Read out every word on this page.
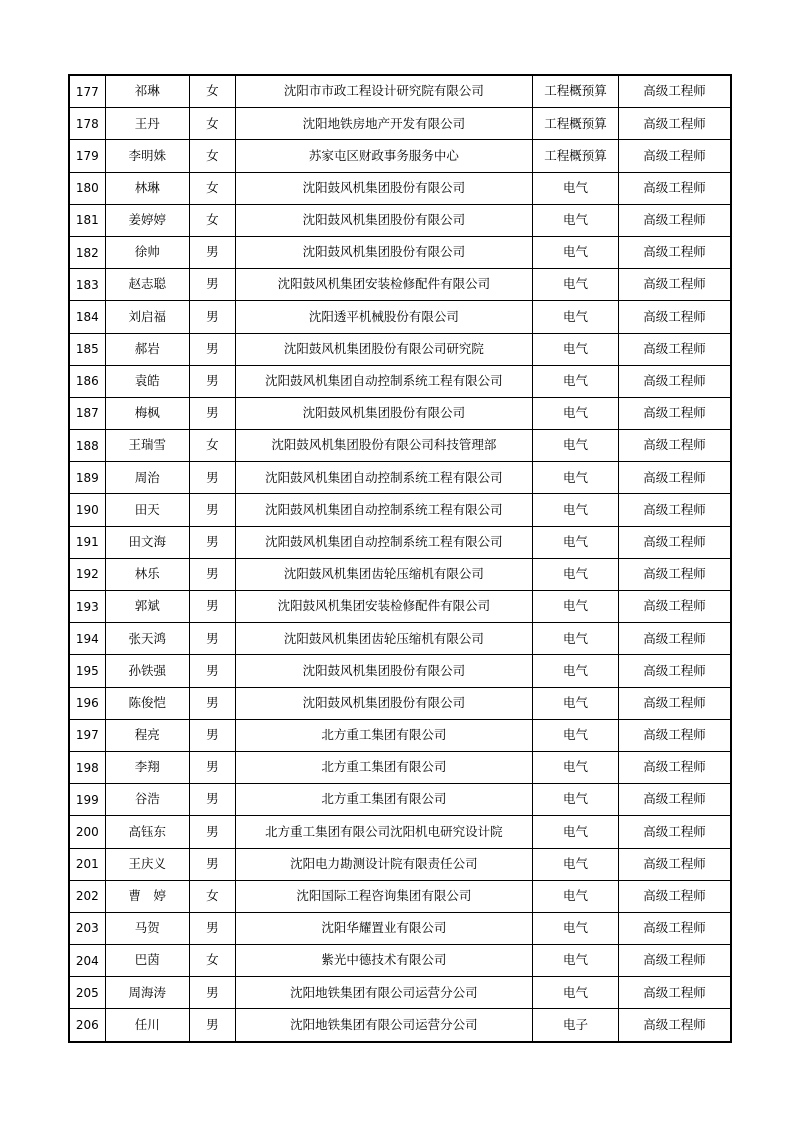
177	祁琳	女	沈阳市市政工程设计研究院有限公司	工程概预算	高级工程师
178	王丹	女	沈阳地铁房地产开发有限公司	工程概预算	高级工程师
179	李明姝	女	苏家屯区财政事务服务中心	工程概预算	高级工程师
180	林琳	女	沈阳鼓风机集团股份有限公司	电气	高级工程师
181	姜婷婷	女	沈阳鼓风机集团股份有限公司	电气	高级工程师
182	徐帅	男	沈阳鼓风机集团股份有限公司	电气	高级工程师
183	赵志聪	男	沈阳鼓风机集团安装检修配件有限公司	电气	高级工程师
184	刘启福	男	沈阳透平机械股份有限公司	电气	高级工程师
185	郝岩	男	沈阳鼓风机集团股份有限公司研究院	电气	高级工程师
186	袁皓	男	沈阳鼓风机集团自动控制系统工程有限公司	电气	高级工程师
187	梅枫	男	沈阳鼓风机集团股份有限公司	电气	高级工程师
188	王瑞雪	女	沈阳鼓风机集团股份有限公司科技管理部	电气	高级工程师
189	周治	男	沈阳鼓风机集团自动控制系统工程有限公司	电气	高级工程师
190	田天	男	沈阳鼓风机集团自动控制系统工程有限公司	电气	高级工程师
191	田文海	男	沈阳鼓风机集团自动控制系统工程有限公司	电气	高级工程师
192	林乐	男	沈阳鼓风机集团齿轮压缩机有限公司	电气	高级工程师
193	郭斌	男	沈阳鼓风机集团安装检修配件有限公司	电气	高级工程师
194	张天鸿	男	沈阳鼓风机集团齿轮压缩机有限公司	电气	高级工程师
195	孙铁强	男	沈阳鼓风机集团股份有限公司	电气	高级工程师
196	陈俊恺	男	沈阳鼓风机集团股份有限公司	电气	高级工程师
197	程亮	男	北方重工集团有限公司	电气	高级工程师
198	李翔	男	北方重工集团有限公司	电气	高级工程师
199	谷浩	男	北方重工集团有限公司	电气	高级工程师
200	高钰东	男	北方重工集团有限公司沈阳机电研究设计院	电气	高级工程师
201	王庆义	男	沈阳电力勘测设计院有限责任公司	电气	高级工程师
202	曹　婷	女	沈阳国际工程咨询集团有限公司	电气	高级工程师
203	马贺	男	沈阳华耀置业有限公司	电气	高级工程师
204	巴茵	女	紫光中德技术有限公司	电气	高级工程师
205	周海涛	男	沈阳地铁集团有限公司运营分公司	电气	高级工程师
206	任川	男	沈阳地铁集团有限公司运营分公司	电子	高级工程师
